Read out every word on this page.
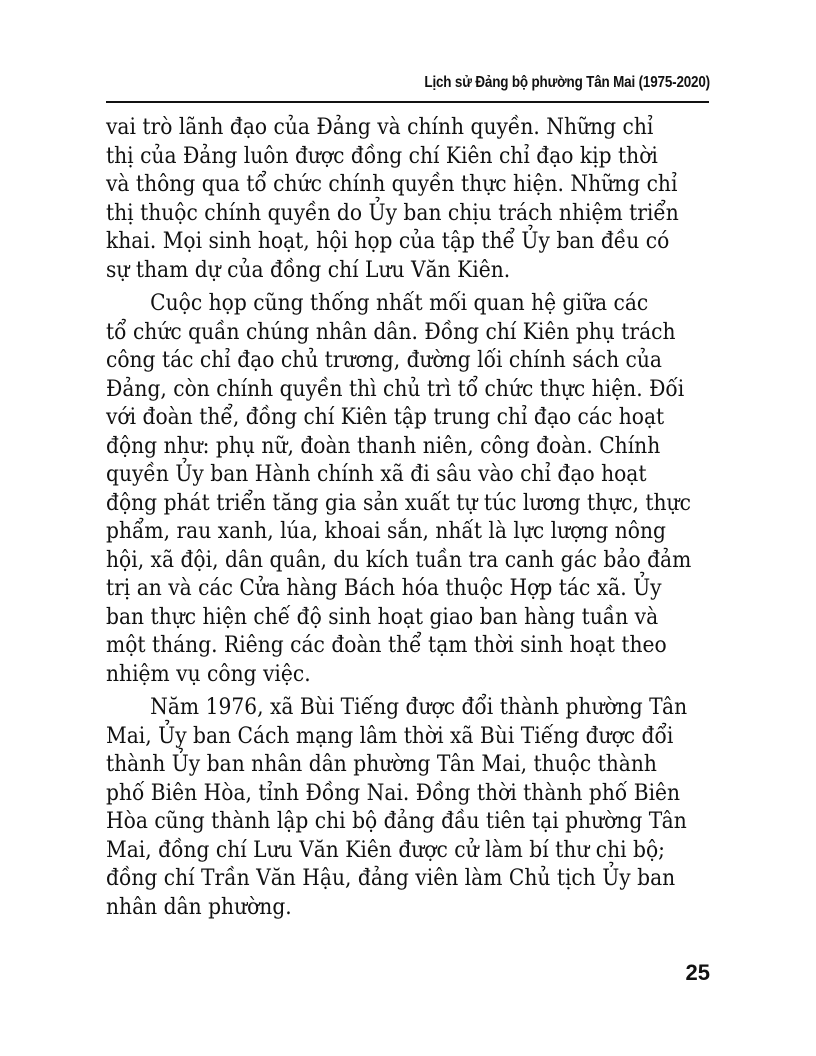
Lịch sử Đảng bộ phường Tân Mai (1975-2020)
vai trò lãnh đạo của Đảng và chính quyền. Những chỉ
thị của Đảng luôn được đồng chí Kiên chỉ đạo kịp thời
và thông qua tổ chức chính quyền thực hiện. Những chỉ
thị thuộc chính quyền do Ủy ban chịu trách nhiệm triển
khai. Mọi sinh hoạt, hội họp của tập thể Ủy ban đều có
sự tham dự của đồng chí Lưu Văn Kiên.
Cuộc họp cũng thống nhất mối quan hệ giữa các
tổ chức quần chúng nhân dân. Đồng chí Kiên phụ trách
công tác chỉ đạo chủ trương, đường lối chính sách của
Đảng, còn chính quyền thì chủ trì tổ chức thực hiện. Đối
với đoàn thể, đồng chí Kiên tập trung chỉ đạo các hoạt
động như: phụ nữ, đoàn thanh niên, công đoàn. Chính
quyền Ủy ban Hành chính xã đi sâu vào chỉ đạo hoạt
động phát triển tăng gia sản xuất tự túc lương thực, thực
phẩm, rau xanh, lúa, khoai sắn, nhất là lực lượng nông
hội, xã đội, dân quân, du kích tuần tra canh gác bảo đảm
trị an và các Cửa hàng Bách hóa thuộc Hợp tác xã. Ủy
ban thực hiện chế độ sinh hoạt giao ban hàng tuần và
một tháng. Riêng các đoàn thể tạm thời sinh hoạt theo
nhiệm vụ công việc.
Năm 1976, xã Bùi Tiếng được đổi thành phường Tân
Mai, Ủy ban Cách mạng lâm thời xã Bùi Tiếng được đổi
thành Ủy ban nhân dân phường Tân Mai, thuộc thành
phố Biên Hòa, tỉnh Đồng Nai. Đồng thời thành phố Biên
Hòa cũng thành lập chi bộ đảng đầu tiên tại phường Tân
Mai, đồng chí Lưu Văn Kiên được cử làm bí thư chi bộ;
đồng chí Trần Văn Hậu, đảng viên làm Chủ tịch Ủy ban
nhân dân phường.
25
